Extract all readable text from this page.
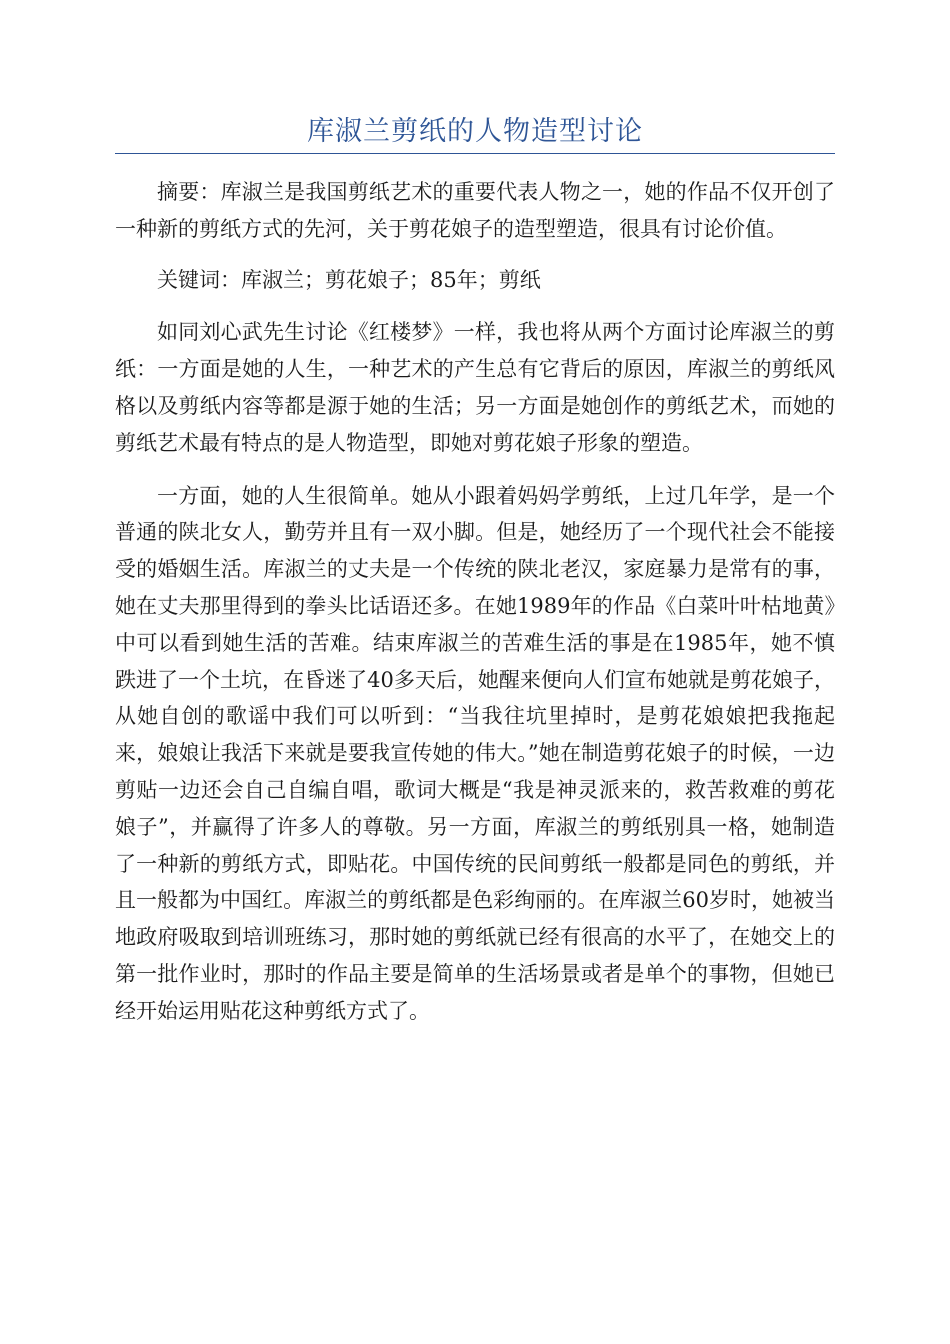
库淑兰剪纸的人物造型讨论

摘要：库淑兰是我国剪纸艺术的重要代表人物之一，她的作品不仅开创了一种新的剪纸方式的先河，关于剪花娘子的造型塑造，很具有讨论价值。

关键词：库淑兰；剪花娘子；85年；剪纸

如同刘心武先生讨论《红楼梦》一样，我也将从两个方面讨论库淑兰的剪纸：一方面是她的人生，一种艺术的产生总有它背后的原因，库淑兰的剪纸风格以及剪纸内容等都是源于她的生活；另一方面是她创作的剪纸艺术，而她的剪纸艺术最有特点的是人物造型，即她对剪花娘子形象的塑造。

一方面，她的人生很简单。她从小跟着妈妈学剪纸，上过几年学，是一个普通的陕北女人，勤劳并且有一双小脚。但是，她经历了一个现代社会不能接受的婚姻生活。库淑兰的丈夫是一个传统的陕北老汉，家庭暴力是常有的事，她在丈夫那里得到的拳头比话语还多。在她1989年的作品《白菜叶叶枯地黄》中可以看到她生活的苦难。结束库淑兰的苦难生活的事是在1985年，她不慎跌进了一个土坑，在昏迷了40多天后，她醒来便向人们宣布她就是剪花娘子，从她自创的歌谣中我们可以听到：“当我往坑里掉时，是剪花娘娘把我拖起来，娘娘让我活下来就是要我宣传她的伟大。”她在制造剪花娘子的时候，一边剪贴一边还会自己自编自唱，歌词大概是“我是神灵派来的，救苦救难的剪花娘子”，并赢得了许多人的尊敬。另一方面，库淑兰的剪纸别具一格，她制造了一种新的剪纸方式，即贴花。中国传统的民间剪纸一般都是同色的剪纸，并且一般都为中国红。库淑兰的剪纸都是色彩绚丽的。在库淑兰60岁时，她被当地政府吸取到培训班练习，那时她的剪纸就已经有很高的水平了，在她交上的第一批作业时，那时的作品主要是简单的生活场景或者是单个的事物，但她已经开始运用贴花这种剪纸方式了。
